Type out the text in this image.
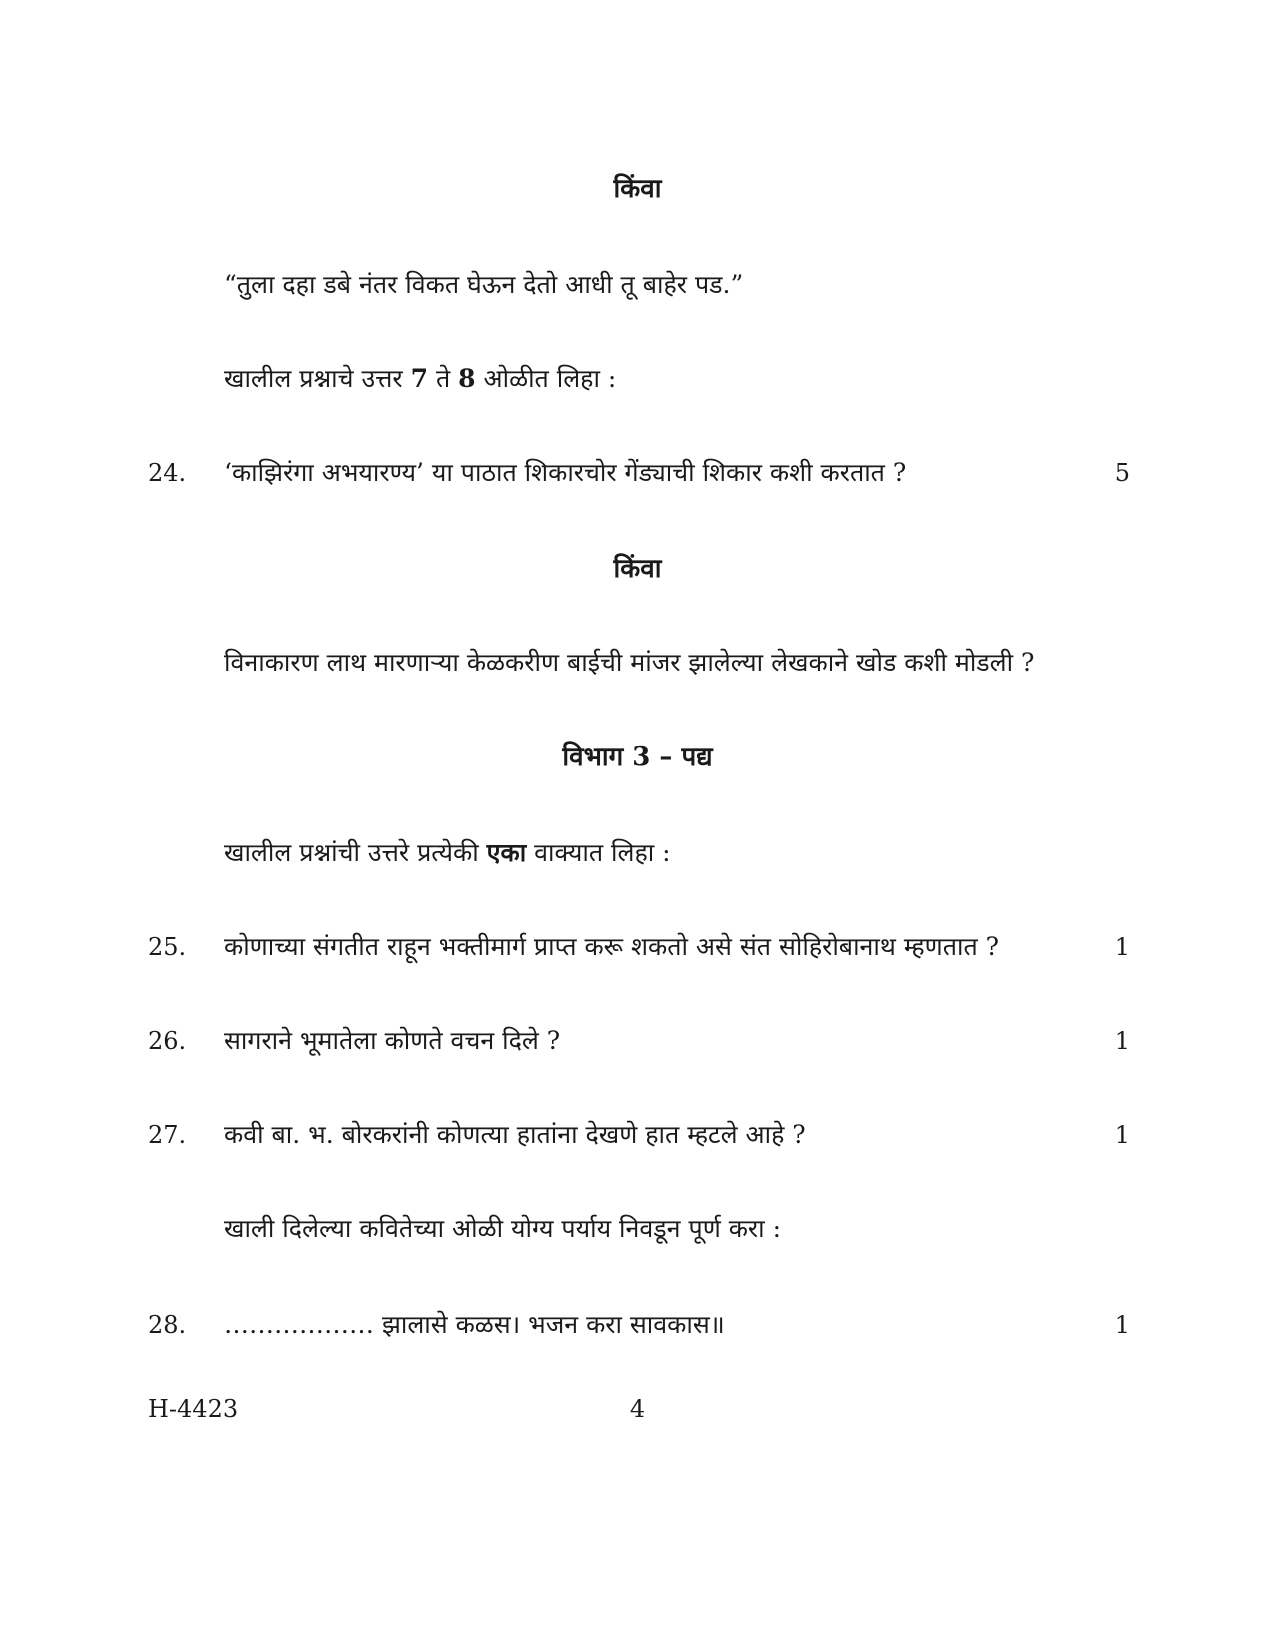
किंवा
“तुला दहा डबे नंतर विकत घेऊन देतो आधी तू बाहेर पड.”
खालील प्रश्नाचे उत्तर 7 ते 8 ओळीत लिहा :
24. ‘काझिरंगा अभयारण्य’ या पाठात शिकारचोर गेंड्याची शिकार कशी करतात ?	5
किंवा
विनाकारण लाथ मारणाऱ्या केळकरीण बाईची मांजर झालेल्या लेखकाने खोड कशी मोडली ?
विभाग 3 – पद्य
खालील प्रश्नांची उत्तरे प्रत्येकी एका वाक्यात लिहा :
25. कोणाच्या संगतीत राहून भक्तीमार्ग प्राप्त करू शकतो असे संत सोहिरोबानाथ म्हणतात ?	1
26. सागराने भूमातेला कोणते वचन दिले ?	1
27. कवी बा. भ. बोरकरांनी कोणत्या हातांना देखणे हात म्हटले आहे ?	1
खाली दिलेल्या कवितेच्या ओळी योग्य पर्याय निवडून पूर्ण करा :
28. ……………… झालासे कळस। भजन करा सावकास॥	1
H-4423	4
